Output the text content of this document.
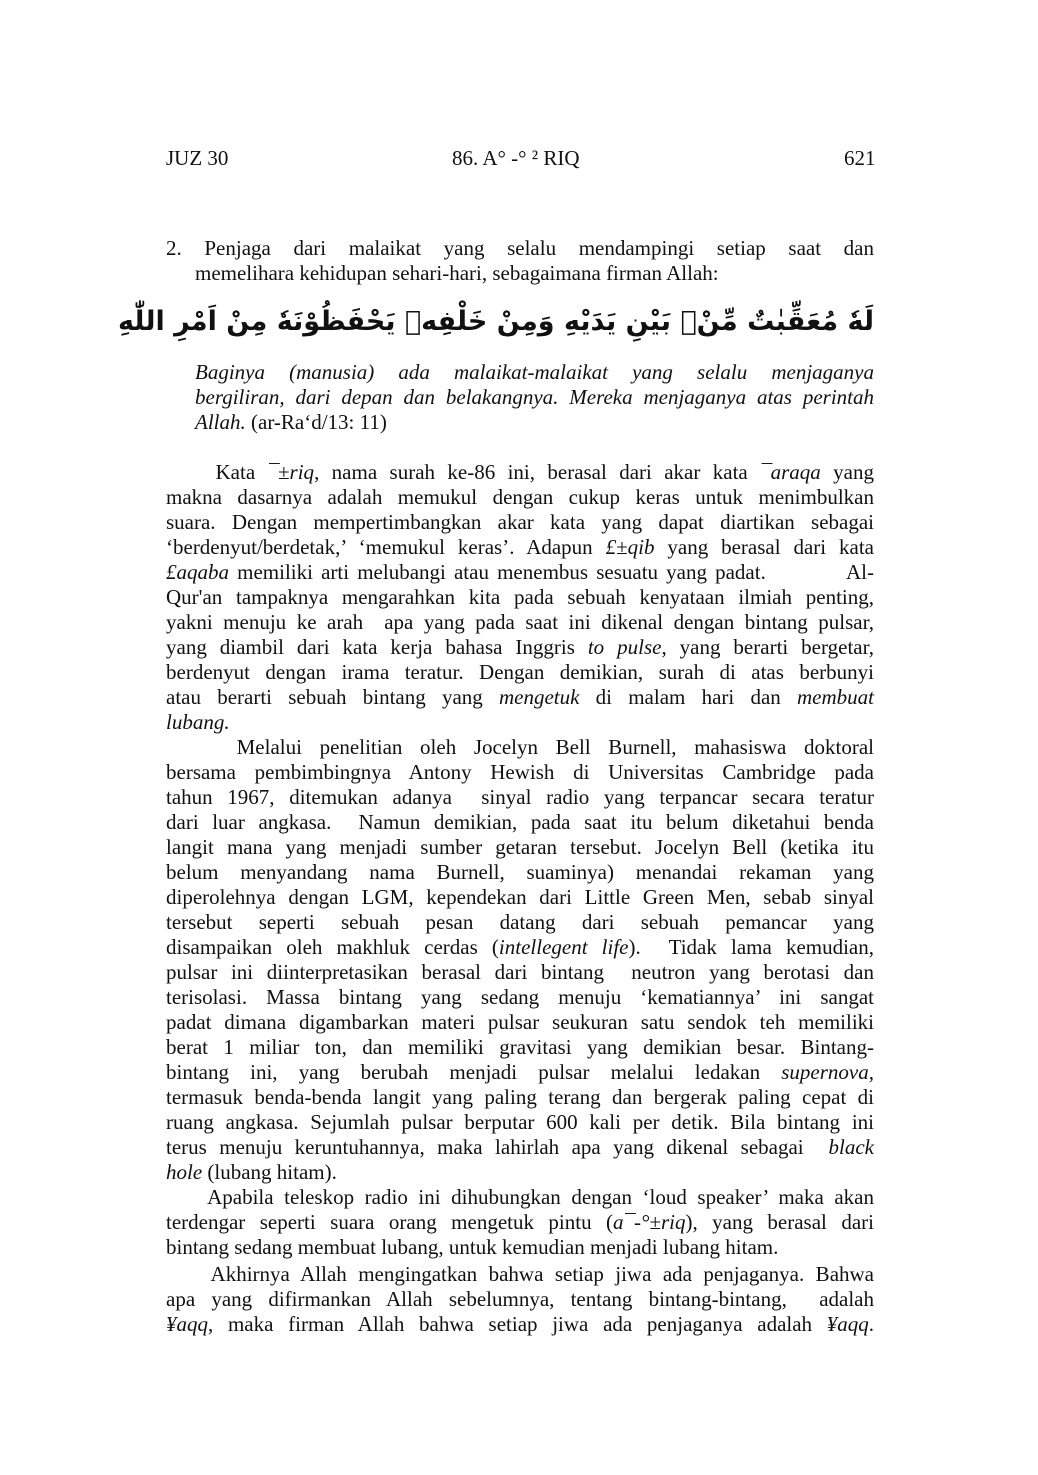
JUZ 30	86. A° -° ² RIQ	621
لَهٗ مُعَقِّبٰتٌ مِّنْۢ بَيْنِ يَدَيْهِ وَمِنْ خَلْفِهٖ يَحْفَظُوْنَهٗ مِنْ اَمْرِ اللّٰهِ
2. Penjaga dari malaikat yang selalu mendampingi setiap saat dan
memelihara kehidupan sehari-hari, sebagaimana firman Allah:
Baginya (manusia) ada malaikat-malaikat yang selalu menjaganya
bergiliran, dari depan dan belakangnya. Mereka menjaganya atas perintah
Allah. (ar-Ra‘d/13: 11)
Kata ¯±riq, nama surah ke-86 ini, berasal dari akar kata ¯araqa yang
makna dasarnya adalah memukul dengan cukup keras untuk menimbulkan
suara. Dengan mempertimbangkan akar kata yang dapat diartikan sebagai
‘berdenyut/berdetak,’ ‘memukul keras’. Adapun £±qib yang berasal dari kata
£aqaba memiliki arti melubangi atau menembus sesuatu yang padat.          Al-
Qur'an tampaknya mengarahkan kita pada sebuah kenyataan ilmiah penting,
yakni menuju ke arah  apa yang pada saat ini dikenal dengan bintang pulsar,
yang diambil dari kata kerja bahasa Inggris to pulse, yang berarti bergetar,
berdenyut dengan irama teratur. Dengan demikian, surah di atas berbunyi
atau berarti sebuah bintang yang mengetuk di malam hari dan membuat
lubang.
Melalui penelitian oleh Jocelyn Bell Burnell, mahasiswa doktoral
bersama pembimbingnya Antony Hewish di Universitas Cambridge pada
tahun 1967, ditemukan adanya  sinyal radio yang terpancar secara teratur
dari luar angkasa.  Namun demikian, pada saat itu belum diketahui benda
langit mana yang menjadi sumber getaran tersebut. Jocelyn Bell (ketika itu
belum menyandang nama Burnell, suaminya) menandai rekaman yang
diperolehnya dengan LGM, kependekan dari Little Green Men, sebab sinyal
tersebut seperti sebuah pesan datang dari sebuah pemancar yang
disampaikan oleh makhluk cerdas (intellegent life).  Tidak lama kemudian,
pulsar ini diinterpretasikan berasal dari bintang  neutron yang berotasi dan
terisolasi. Massa bintang yang sedang menuju ‘kematiannya’ ini sangat
padat dimana digambarkan materi pulsar seukuran satu sendok teh memiliki
berat 1 miliar ton, dan memiliki gravitasi yang demikian besar. Bintang-
bintang ini, yang berubah menjadi pulsar melalui ledakan supernova,
termasuk benda-benda langit yang paling terang dan bergerak paling cepat di
ruang angkasa. Sejumlah pulsar berputar 600 kali per detik. Bila bintang ini
terus menuju keruntuhannya, maka lahirlah apa yang dikenal sebagai  black
hole (lubang hitam).
Apabila teleskop radio ini dihubungkan dengan ‘loud speaker’ maka akan
terdengar seperti suara orang mengetuk pintu (a¯-°±riq), yang berasal dari
bintang sedang membuat lubang, untuk kemudian menjadi lubang hitam.
Akhirnya Allah mengingatkan bahwa setiap jiwa ada penjaganya. Bahwa
apa yang difirmankan Allah sebelumnya, tentang bintang-bintang,  adalah
¥aqq, maka firman Allah bahwa setiap jiwa ada penjaganya adalah ¥aqq.
